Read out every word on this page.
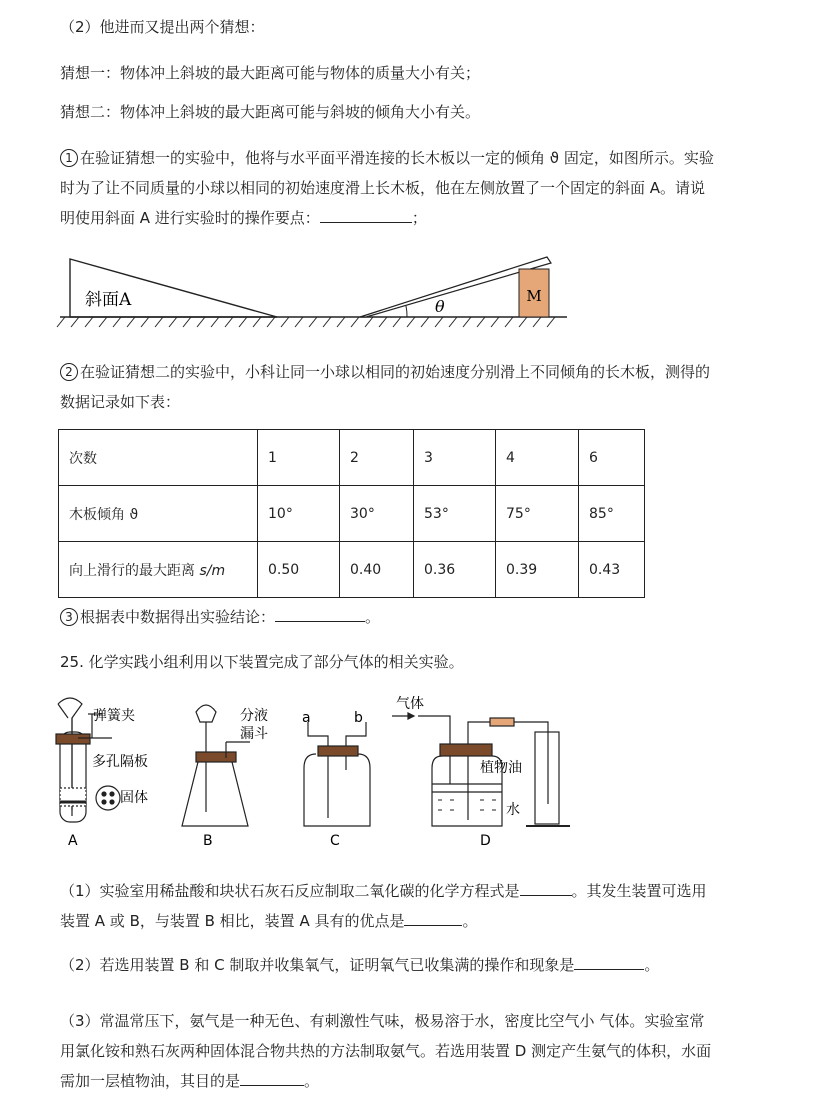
（2）他进而又提出两个猜想：
猜想一：物体冲上斜坡的最大距离可能与物体的质量大小有关；
猜想二：物体冲上斜坡的最大距离可能与斜坡的倾角大小有关。
1 在验证猜想一的实验中，他将与水平面平滑连接的长木板以一定的倾角 ϑ 固定，如图所示。实验
时为了让不同质量的小球以相同的初始速度滑上长木板，他在左侧放置了一个固定的斜面 A。请说
明使用斜面 A 进行实验时的操作要点：	；
斜面A	θ
M
2 在验证猜想二的实验中，小科让同一小球以相同的初始速度分别滑上不同倾角的长木板，测得的
数据记录如下表：
次数	1	2	3	4	6
木板倾角 ϑ	10°	30°	53°	75°	85°
向上滑行的最大距离 s/m	0.50	0.40	0.36	0.39	0.43
3 根据表中数据得出实验结论：	。
25. 化学实践小组利用以下装置完成了部分气体的相关实验。
弹簧夹
多孔隔板
固体
A
分液
漏斗
B
a	b
C
气体
植物油
水
D
（1）实验室用稀盐酸和块状石灰石反应制取二氧化碳的化学方程式是	。其发生装置可选用
装置 A 或 B，与装置 B 相比，装置 A 具有的优点是	。
（2）若选用装置 B 和 C 制取并收集氧气，证明氧气已收集满的操作和现象是	。
（3）常温常压下，氨气是一种无色、有刺激性气味，极易溶于水，密度比空气小 气体。实验室常
用氯化铵和熟石灰两种固体混合物共热的方法制取氨气。若选用装置 D 测定产生氨气的体积，水面
需加一层植物油，其目的是	。
